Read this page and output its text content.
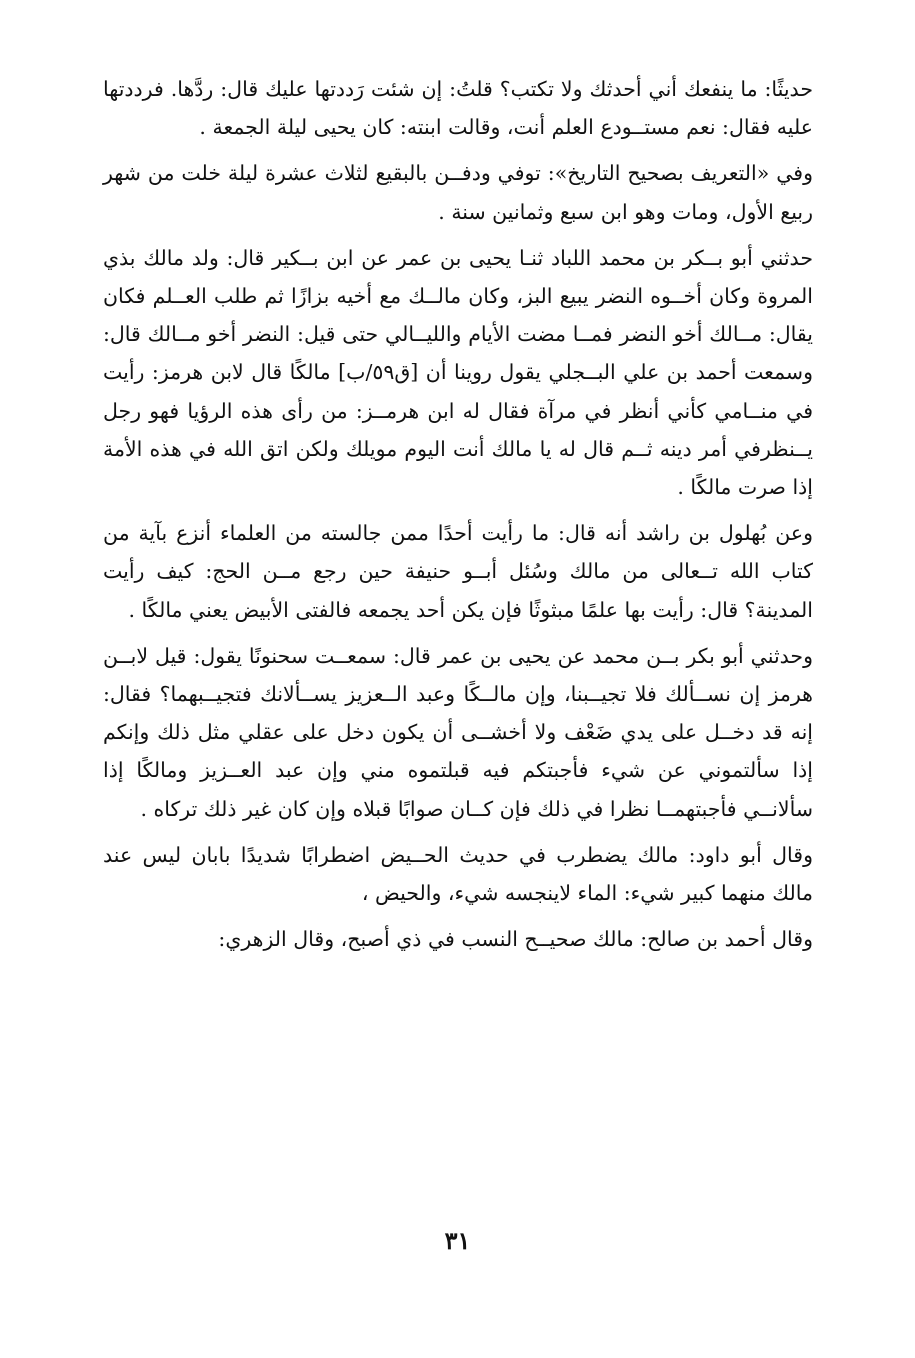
حديثًا: ما ينفعك أني أحدثك ولا تكتب؟ قلتُ: إن شئت رَددتها عليك قال: ردَّها. فرددتها عليه فقال: نعم مستــودع العلم أنت، وقالت ابنته: كان يحيى ليلة الجمعة .

وفي «التعريف بصحيح التاريخ»: توفي ودفــن بالبقيع لثلاث عشرة ليلة خلت من شهر ربيع الأول، ومات وهو ابن سبع وثمانين سنة .

حدثني أبو بــكر بن محمد اللباد ثنـا يحيى بن عمر عن ابن بــكير قال: ولد مالك بذي المروة وكان أخــوه النضر يبيع البز، وكان مالــك مع أخيه بزازًا ثم طلب العــلم فكان يقال: مــالك أخو النضر فمــا مضت الأيام والليــالي حتى قيل: النضر أخو مــالك قال: وسمعت أحمد بن علي البــجلي يقول روينا أن [ق٥٩/ب] مالكًا قال لابن هرمز: رأيت في منــامي كأني أنظر في مرآة فقال له ابن هرمــز: من رأى هذه الرؤيا فهو رجل يــنظرفي أمر دينه ثــم قال له يا مالك أنت اليوم مويلك ولكن اتق الله في هذه الأمة إذا صرت مالكًا .

وعن بُهلول بن راشد أنه قال: ما رأيت أحدًا ممن جالسته من العلماء أنزع بآية من كتاب الله تــعالى من مالك وسُئل أبــو حنيفة حين رجع مــن الحج: كيف رأيت المدينة؟ قال: رأيت بها علمًا مبثوثًا فإن يكن أحد يجمعه فالفتى الأبيض يعني مالكًا .

وحدثني أبو بكر بــن محمد عن يحيى بن عمر قال: سمعــت سحنونًا يقول: قيل لابــن هرمز إن نســألك فلا تجيــبنا، وإن مالــكًا وعبد الــعزيز يســألانك فتجيــبهما؟ فقال: إنه قد دخــل على يدي ضَعْف ولا أخشــى أن يكون دخل على عقلي مثل ذلك وإنكم إذا سألتموني عن شيء فأجبتكم فيه قبلتموه مني وإن عبد العــزيز ومالكًا إذا سألانــي فأجبتهمــا نظرا في ذلك فإن كــان صوابًا قبلاه وإن كان غير ذلك تركاه .

وقال أبو داود: مالك يضطرب في حديث الحــيض اضطرابًا شديدًا بابان ليس عند مالك منهما كبير شيء: الماء لاينجسه شيء، والحيض ،

وقال أحمد بن صالح: مالك صحيــح النسب في ذي أصبح، وقال الزهري:

٣١
